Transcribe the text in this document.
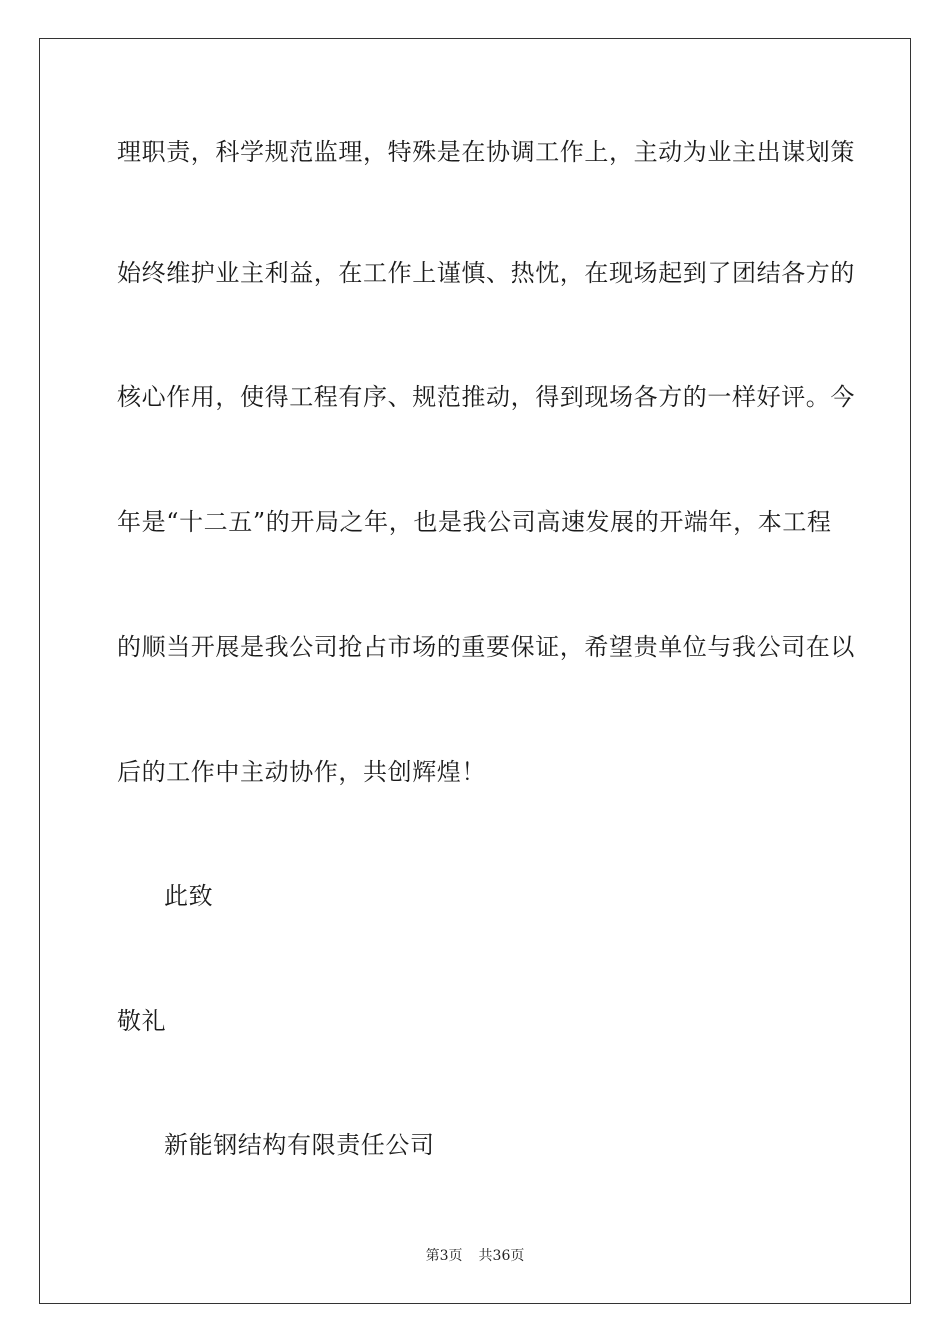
理职责，科学规范监理，特殊是在协调工作上，主动为业主出谋划策
始终维护业主利益，在工作上谨慎、热忱，在现场起到了团结各方的
核心作用，使得工程有序、规范推动，得到现场各方的一样好评。今
年是“十二五”的开局之年，也是我公司高速发展的开端年，本工程
的顺当开展是我公司抢占市场的重要保证，希望贵单位与我公司在以
后的工作中主动协作，共创辉煌！
此致
敬礼
新能钢结构有限责任公司
第3页 共36页
